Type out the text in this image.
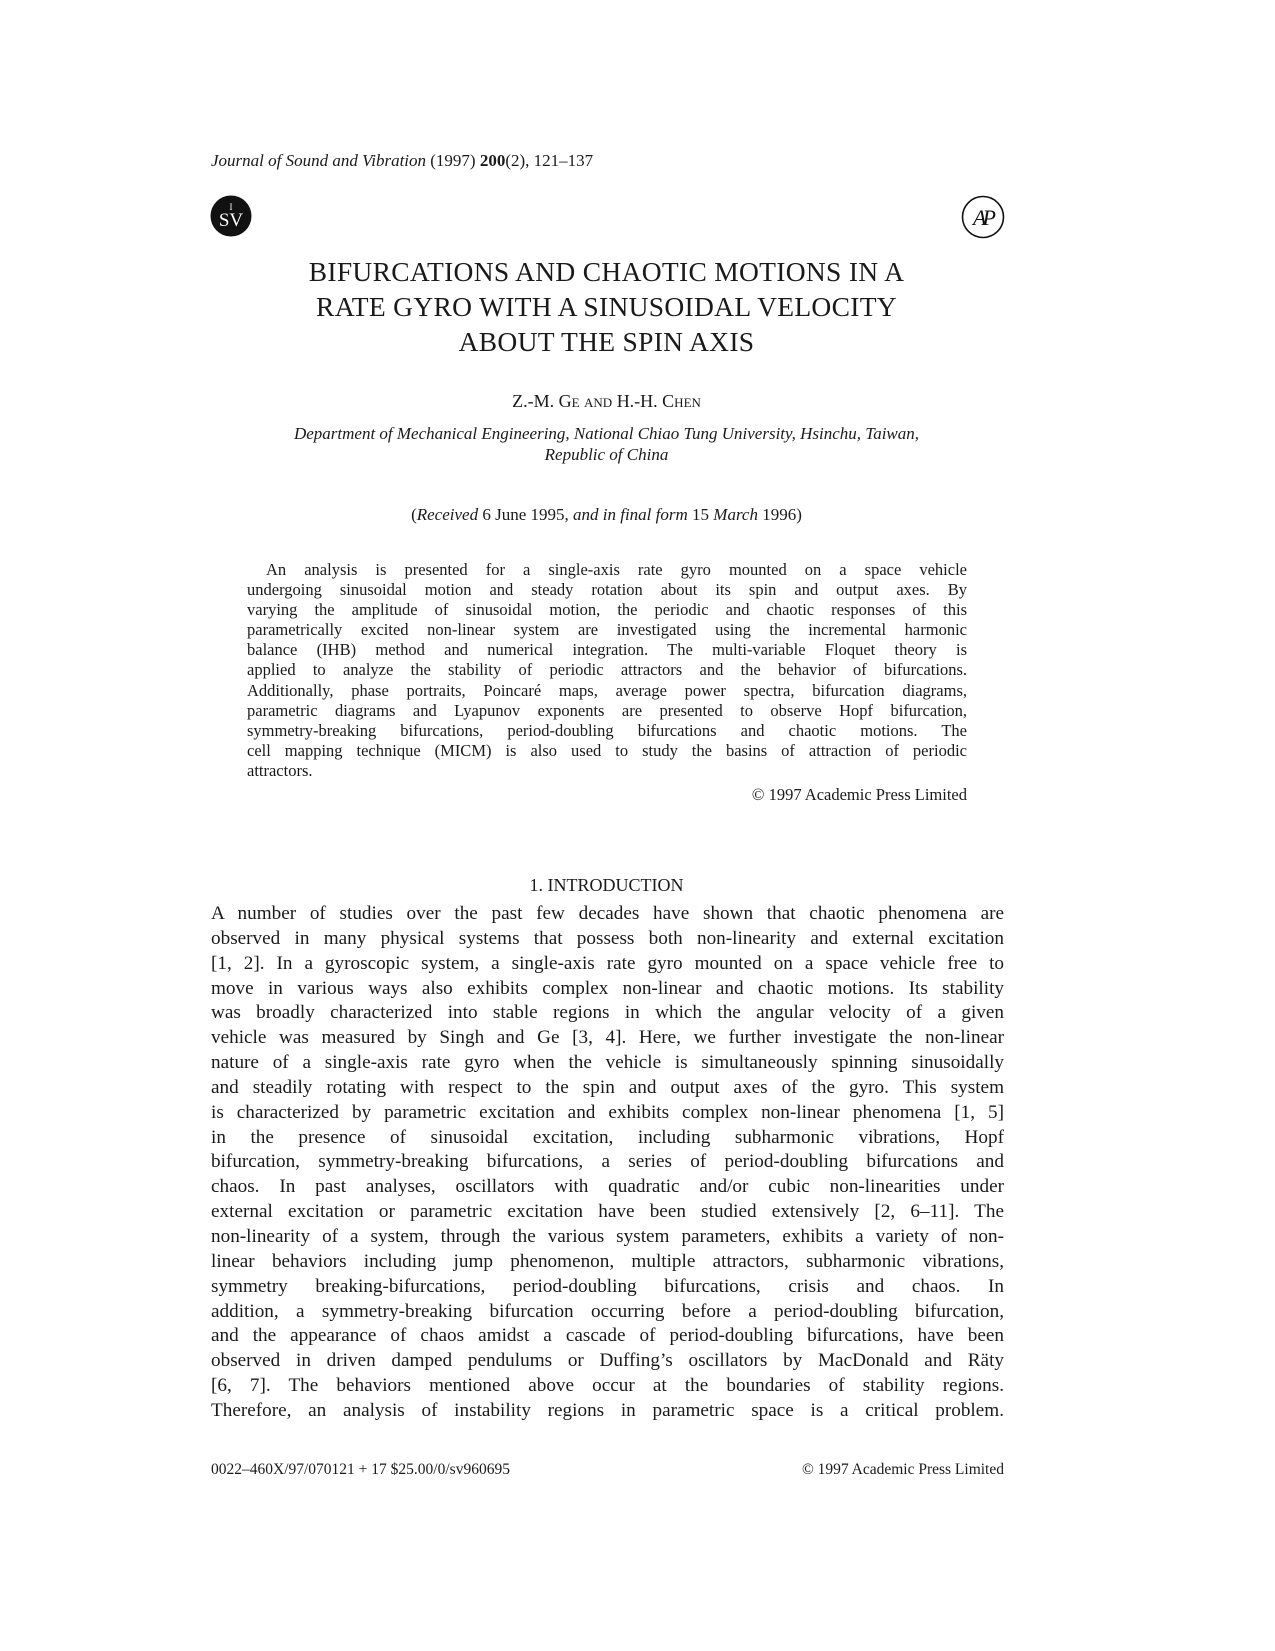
Journal of Sound and Vibration (1997) 200(2), 121–137
I
SV	AP
BIFURCATIONS AND CHAOTIC MOTIONS IN A
RATE GYRO WITH A SINUSOIDAL VELOCITY
ABOUT THE SPIN AXIS
Z.-M. Ge and H.-H. Chen
Department of Mechanical Engineering, National Chiao Tung University, Hsinchu, Taiwan,
Republic of China
(Received 6 June 1995, and in final form 15 March 1996)
An analysis is presented for a single-axis rate gyro mounted on a space vehicle
undergoing sinusoidal motion and steady rotation about its spin and output axes. By
varying the amplitude of sinusoidal motion, the periodic and chaotic responses of this
parametrically excited non-linear system are investigated using the incremental harmonic
balance (IHB) method and numerical integration. The multi-variable Floquet theory is
applied to analyze the stability of periodic attractors and the behavior of bifurcations.
Additionally, phase portraits, Poincaré maps, average power spectra, bifurcation diagrams,
parametric diagrams and Lyapunov exponents are presented to observe Hopf bifurcation,
symmetry-breaking bifurcations, period-doubling bifurcations and chaotic motions. The
cell mapping technique (MICM) is also used to study the basins of attraction of periodic
attractors.
© 1997 Academic Press Limited
1. INTRODUCTION
A number of studies over the past few decades have shown that chaotic phenomena are
observed in many physical systems that possess both non-linearity and external excitation
[1, 2]. In a gyroscopic system, a single-axis rate gyro mounted on a space vehicle free to
move in various ways also exhibits complex non-linear and chaotic motions. Its stability
was broadly characterized into stable regions in which the angular velocity of a given
vehicle was measured by Singh and Ge [3, 4]. Here, we further investigate the non-linear
nature of a single-axis rate gyro when the vehicle is simultaneously spinning sinusoidally
and steadily rotating with respect to the spin and output axes of the gyro. This system
is characterized by parametric excitation and exhibits complex non-linear phenomena [1, 5]
in the presence of sinusoidal excitation, including subharmonic vibrations, Hopf
bifurcation, symmetry-breaking bifurcations, a series of period-doubling bifurcations and
chaos. In past analyses, oscillators with quadratic and/or cubic non-linearities under
external excitation or parametric excitation have been studied extensively [2, 6–11]. The
non-linearity of a system, through the various system parameters, exhibits a variety of non-
linear behaviors including jump phenomenon, multiple attractors, subharmonic vibrations,
symmetry breaking-bifurcations, period-doubling bifurcations, crisis and chaos. In
addition, a symmetry-breaking bifurcation occurring before a period-doubling bifurcation,
and the appearance of chaos amidst a cascade of period-doubling bifurcations, have been
observed in driven damped pendulums or Duffing’s oscillators by MacDonald and Räty
[6, 7]. The behaviors mentioned above occur at the boundaries of stability regions.
Therefore, an analysis of instability regions in parametric space is a critical problem.
0022–460X/97/070121 + 17 $25.00/0/sv960695	© 1997 Academic Press Limited
